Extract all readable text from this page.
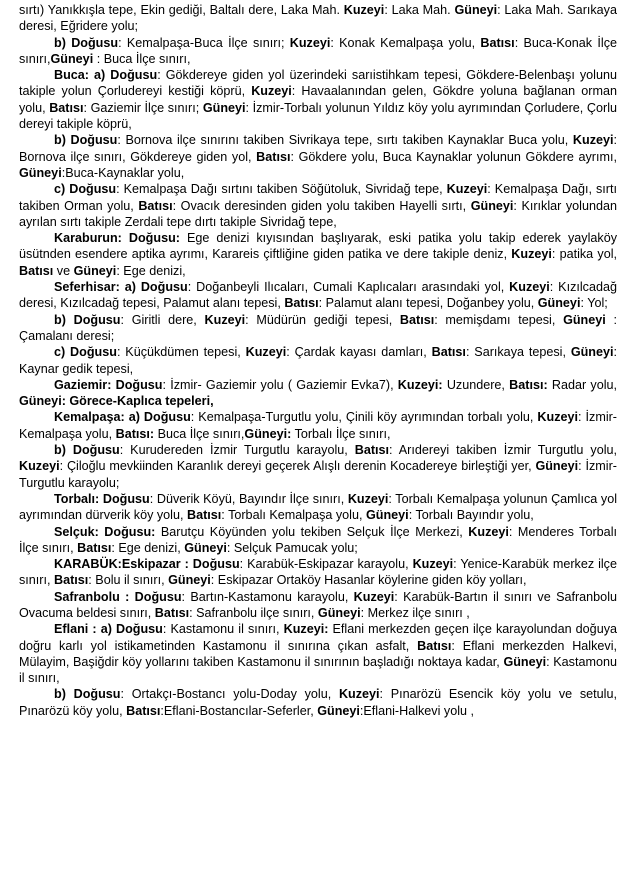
sırtı) Yanıkkışla tepe, Ekin gediği, Baltalı dere, Laka Mah. Kuzeyi: Laka Mah. Güneyi: Laka Mah. Sarıkaya deresi, Eğridere yolu;

b) Doğusu: Kemalpaşa-Buca İlçe sınırı; Kuzeyi: Konak Kemalpaşa yolu, Batısı: Buca-Konak İlçe sınırı,Güneyi : Buca İlçe sınırı,

Buca: a) Doğusu: Gökdereye giden yol üzerindeki sarıistihkam tepesi, Gökdere-Belenbaşı yolunu takiple yolun Çorludereyi kestiği köprü, Kuzeyi: Havaalanından gelen, Gökdre yoluna bağlanan orman yolu, Batısı: Gaziemir İlçe sınırı; Güneyi: İzmir-Torbalı yolunun Yıldız köy yolu ayrımından Çorludere, Çorlu dereyi takiple köprü,

b) Doğusu: Bornova ilçe sınırını takiben Sivrikaya tepe, sırtı takiben Kaynaklar Buca yolu, Kuzeyi: Bornova ilçe sınırı, Gökdereye giden yol, Batısı: Gökdere yolu, Buca Kaynaklar yolunun Gökdere ayrımı, Güneyi:Buca-Kaynaklar yolu,

c) Doğusu: Kemalpaşa Dağı sırtını takiben Söğütoluk, Sivridağ tepe, Kuzeyi: Kemalpaşa Dağı, sırtı takiben Orman yolu, Batısı: Ovacık deresinden giden yolu takiben Hayelli sırtı, Güneyi: Kırıklar yolundan ayrılan sırtı takiple Zerdali tepe dırtı takiple Sivridağ tepe,

Karaburun: Doğusu: Ege denizi kıyısından başlıyarak, eski patika yolu takip ederek yaylaköy üsütnden esendere aptika ayrımı, Karareis çiftliğine giden patika ve dere takiple deniz, Kuzeyi: patika yol, Batısı ve Güneyi: Ege denizi,

Seferhisar: a) Doğusu: Doğanbeyli Ilıcaları, Cumali Kaplıcaları arasındaki yol, Kuzeyi: Kızılcadağ deresi, Kızılcadağ tepesi, Palamut alanı tepesi, Batısı: Palamut alanı tepesi, Doğanbey yolu, Güneyi: Yol;

b) Doğusu: Giritli dere, Kuzeyi: Müdürün gediği tepesi, Batısı: memişdamı tepesi, Güneyi : Çamalanı deresi;

c) Doğusu: Küçükdümen tepesi, Kuzeyi: Çardak kayası damları, Batısı: Sarıkaya tepesi, Güneyi: Kaynar gedik tepesi,

Gaziemir: Doğusu: İzmir- Gaziemir yolu ( Gaziemir Evka7), Kuzeyi: Uzundere, Batısı: Radar yolu, Güneyi: Görece-Kaplıca tepeleri,

Kemalpaşa: a) Doğusu: Kemalpaşa-Turgutlu yolu, Çinili köy ayrımından torbalı yolu, Kuzeyi: İzmir- Kemalpaşa yolu, Batısı: Buca İlçe sınırı,Güneyi: Torbalı İlçe sınırı,

b) Doğusu: Kurudereden İzmir Turgutlu karayolu, Batısı: Arıdereyi takiben İzmir Turgutlu yolu, Kuzeyi: Çiloğlu mevkiinden Karanlık dereyi geçerek Alışlı derenin Kocadereye birleştiği yer, Güneyi: İzmir-Turgutlu karayolu;

Torbalı: Doğusu: Düverik Köyü, Bayındır İlçe sınırı, Kuzeyi: Torbalı Kemalpaşa yolunun Çamlıca yol ayrımından dürverik köy yolu, Batısı: Torbalı Kemalpaşa yolu, Güneyi: Torbalı Bayındır yolu,

Selçuk: Doğusu: Barutçu Köyünden yolu tekiben Selçuk İlçe Merkezi, Kuzeyi: Menderes Torbalı İlçe sınırı, Batısı: Ege denizi, Güneyi: Selçuk Pamucak yolu;

KARABÜK:Eskipazar : Doğusu: Karabük-Eskipazar karayolu, Kuzeyi: Yenice-Karabük merkez ilçe sınırı, Batısı: Bolu il sınırı, Güneyi: Eskipazar Ortaköy Hasanlar köylerine giden köy yolları,

Safranbolu : Doğusu: Bartın-Kastamonu karayolu, Kuzeyi: Karabük-Bartın il sınırı ve Safranbolu Ovacuma beldesi sınırı, Batısı: Safranbolu ilçe sınırı, Güneyi: Merkez ilçe sınırı ,

Eflani : a) Doğusu: Kastamonu il sınırı, Kuzeyi: Eflani merkezden geçen ilçe karayolundan doğuya doğru karlı yol istikametinden Kastamonu il sınırına çıkan asfalt, Batısı: Eflani merkezden Halkevi, Mülayim, Başiğdir köy yollarını takiben Kastamonu il sınırının başladığı noktaya kadar, Güneyi: Kastamonu il sınırı,

b) Doğusu: Ortakçı-Bostancı yolu-Doday yolu, Kuzeyi: Pınarözü Esencik köy yolu ve setulu, Pınarözü köy yolu, Batısı:Eflani-Bostancılar-Seferler, Güneyi:Eflani-Halkevi yolu ,
